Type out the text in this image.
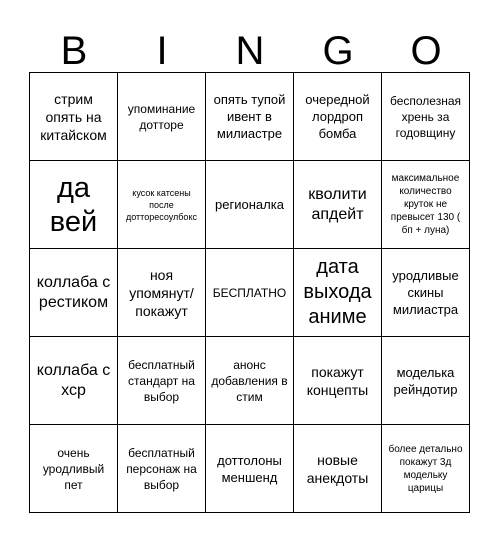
B	I	N	G	O
стрим опять на китайском
упоминание дотторе
опять тупой ивент в милиастре
очередной лордроп бомба
бесполезная хрень за годовщину
да вей
кусок катсены после дотторесоулбокс
регионалка
кволити апдейт
максимальное количество круток не превысет 130 ( бп + луна)
коллаба с рестиком
ноя упомянут/покажут
БЕСПЛАТНО
дата выхода аниме
уродливые скины милиастра
коллаба с хср
бесплатный стандарт на выбор
анонс добавления в стим
покажут концепты
моделька рейндотир
очень уродливый пет
бесплатный персонаж на выбор
доттолоны меншенд
новые анекдоты
более детально покажут 3д модельку царицы
